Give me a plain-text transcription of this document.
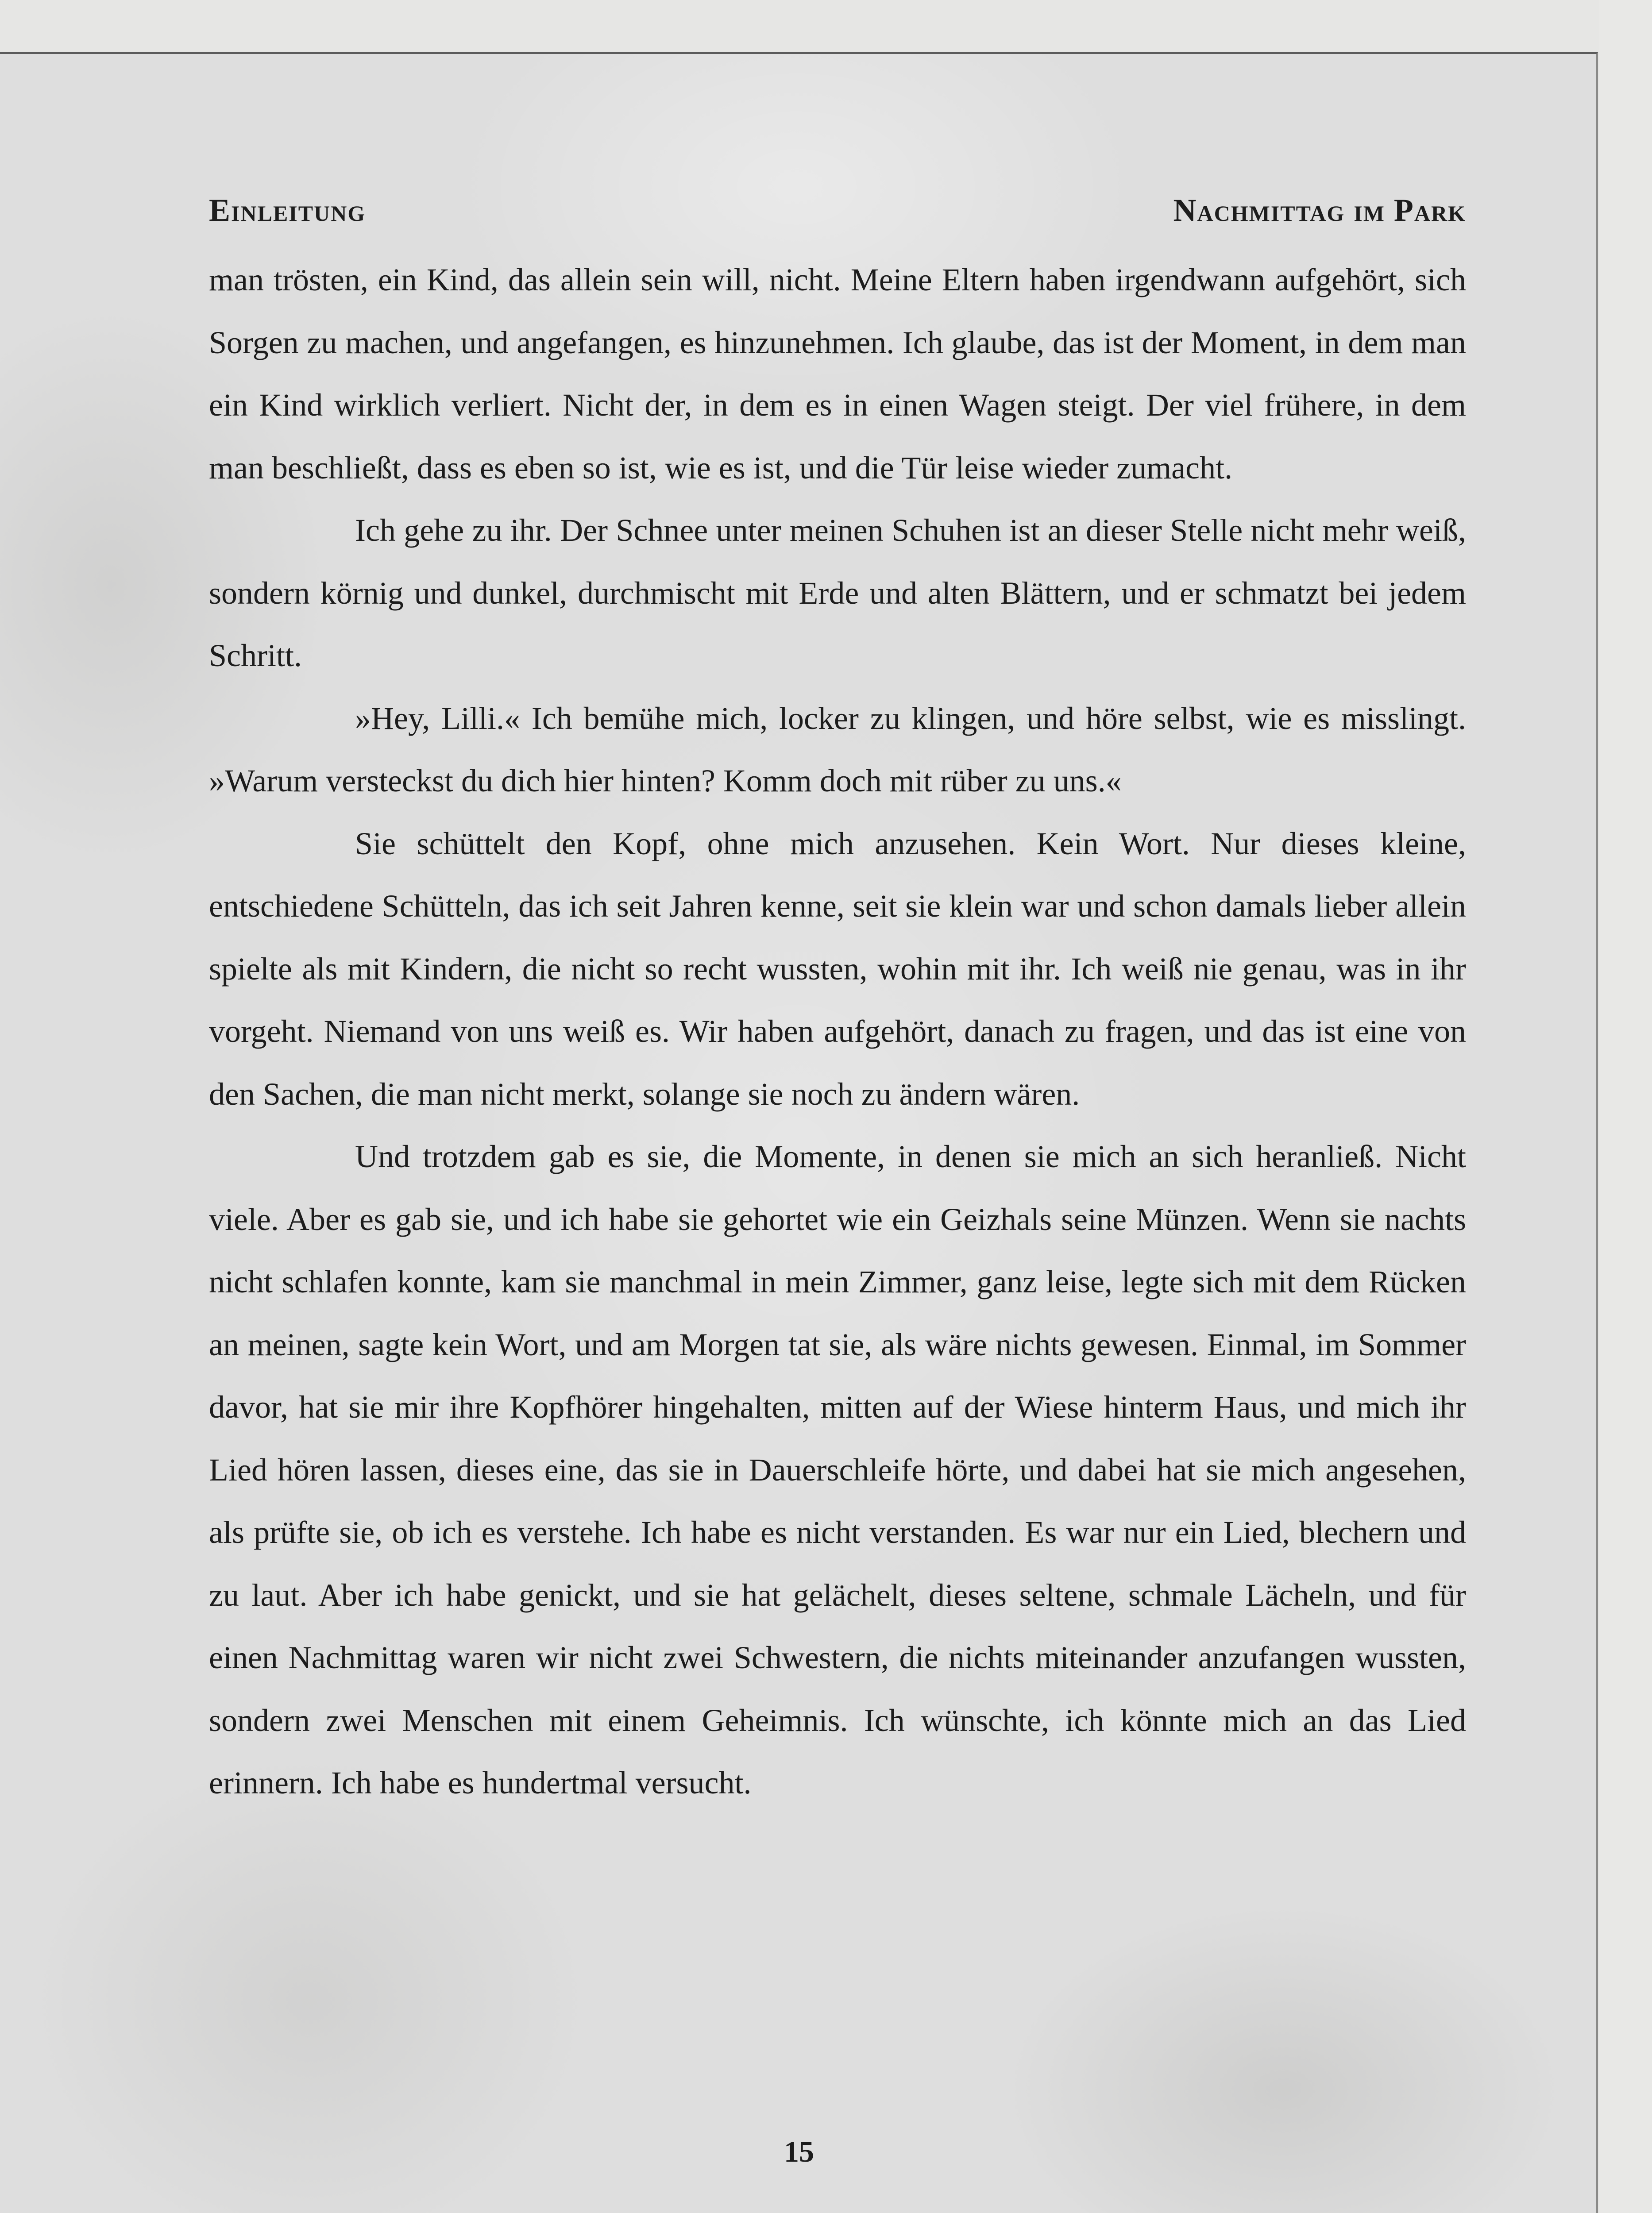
Einleitung	Nachmittag im Park

man trösten, ein Kind, das allein sein will, nicht. Meine Eltern haben irgendwann aufgehört, sich Sorgen zu machen, und angefangen, es hinzunehmen. Ich glaube, das ist der Moment, in dem man ein Kind wirklich verliert. Nicht der, in dem es in einen Wagen steigt. Der viel frühere, in dem man beschließt, dass es eben so ist, wie es ist, und die Tür leise wieder zumacht.

Ich gehe zu ihr. Der Schnee unter meinen Schuhen ist an dieser Stelle nicht mehr weiß, sondern körnig und dunkel, durchmischt mit Erde und alten Blättern, und er schmatzt bei jedem Schritt.

»Hey, Lilli.« Ich bemühe mich, locker zu klingen, und höre selbst, wie es misslingt. »Warum versteckst du dich hier hinten? Komm doch mit rüber zu uns.«

Sie schüttelt den Kopf, ohne mich anzusehen. Kein Wort. Nur dieses kleine, entschiedene Schütteln, das ich seit Jahren kenne, seit sie klein war und schon damals lieber allein spielte als mit Kindern, die nicht so recht wussten, wohin mit ihr. Ich weiß nie genau, was in ihr vorgeht. Niemand von uns weiß es. Wir haben aufgehört, danach zu fragen, und das ist eine von den Sachen, die man nicht merkt, solange sie noch zu ändern wären.

Und trotzdem gab es sie, die Momente, in denen sie mich an sich heranließ. Nicht viele. Aber es gab sie, und ich habe sie gehortet wie ein Geizhals seine Münzen. Wenn sie nachts nicht schlafen konnte, kam sie manchmal in mein Zimmer, ganz leise, legte sich mit dem Rücken an meinen, sagte kein Wort, und am Morgen tat sie, als wäre nichts gewesen. Einmal, im Sommer davor, hat sie mir ihre Kopfhörer hingehalten, mitten auf der Wiese hinterm Haus, und mich ihr Lied hören lassen, dieses eine, das sie in Dauerschleife hörte, und dabei hat sie mich angesehen, als prüfte sie, ob ich es verstehe. Ich habe es nicht verstanden. Es war nur ein Lied, blechern und zu laut. Aber ich habe genickt, und sie hat gelächelt, dieses seltene, schmale Lächeln, und für einen Nachmittag waren wir nicht zwei Schwestern, die nichts miteinander anzufangen wussten, sondern zwei Menschen mit einem Geheimnis. Ich wünschte, ich könnte mich an das Lied erinnern. Ich habe es hundertmal versucht.

15
